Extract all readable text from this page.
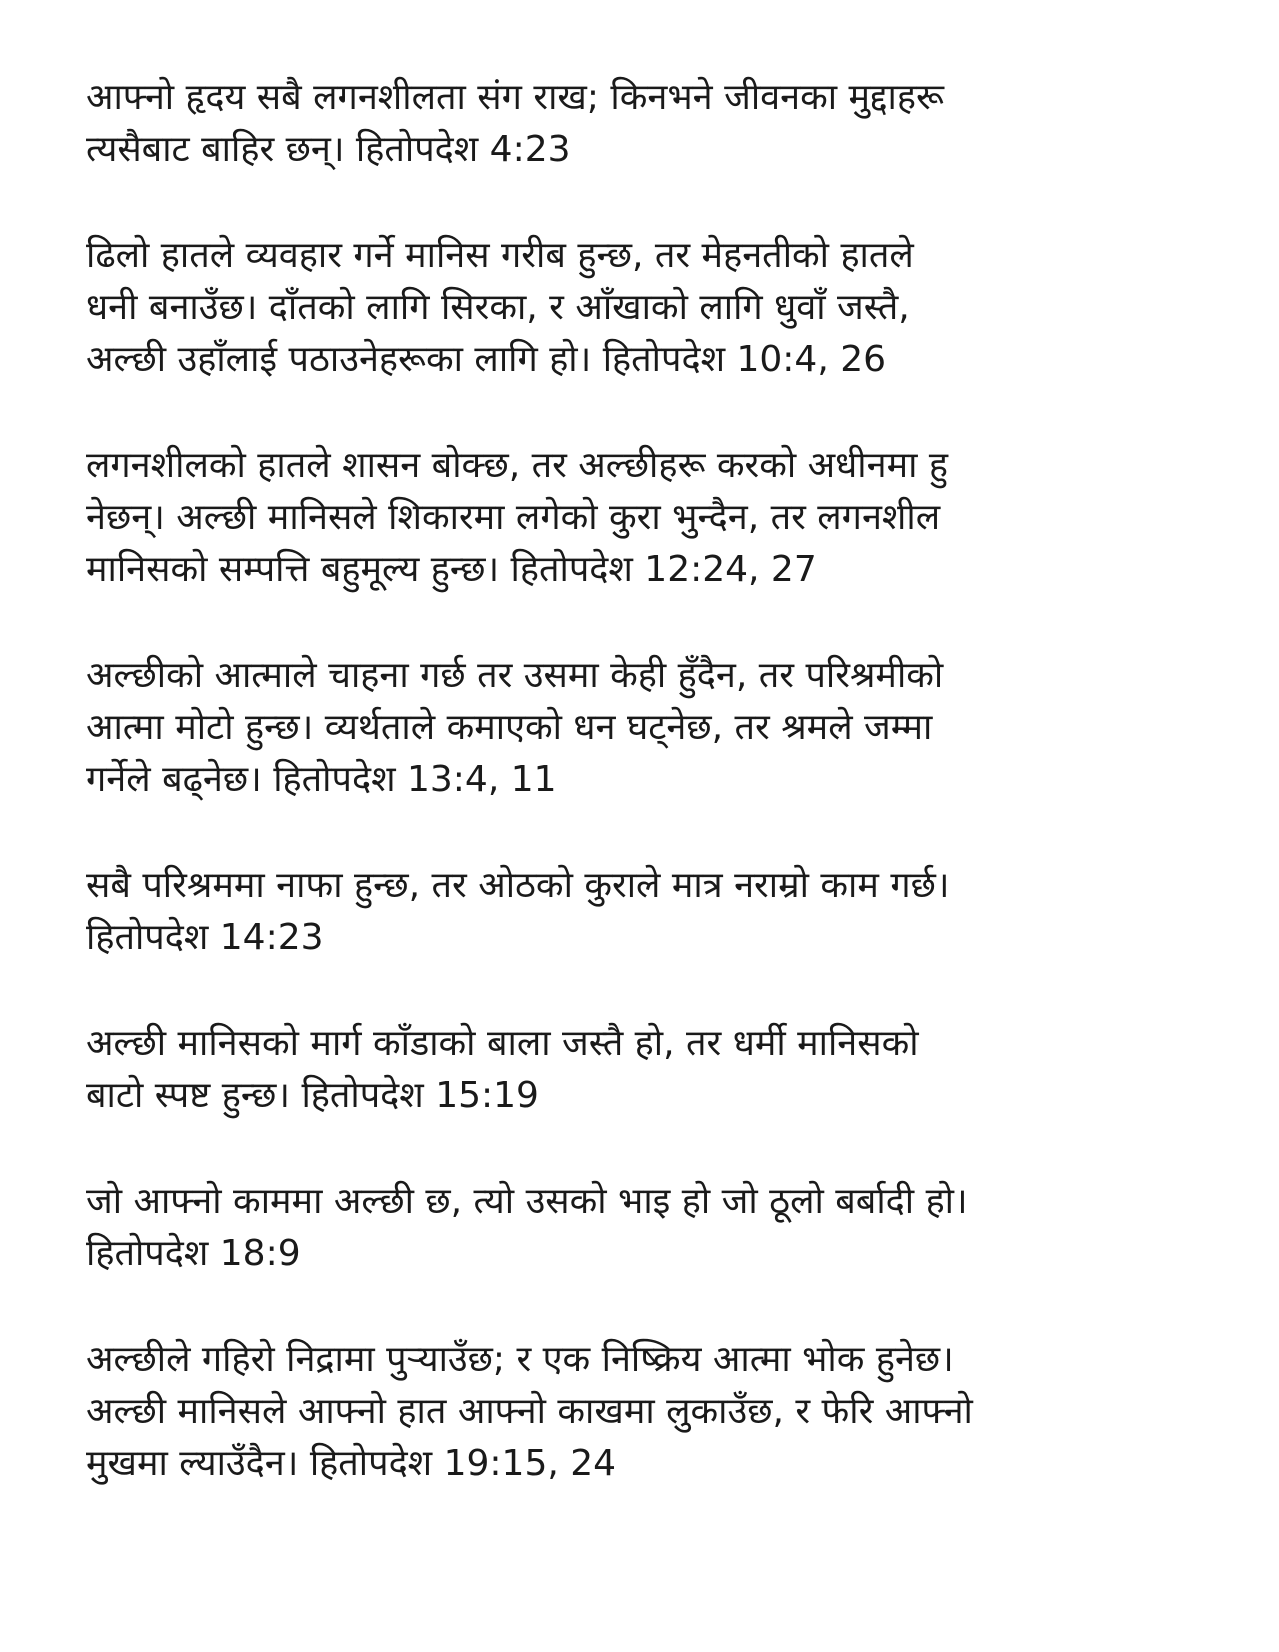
आफ्नो हृदय सबै लगनशीलता संग राख; किनभने जीवनका मुद्दाहरू
त्यसैबाट बाहिर छन्। हितोपदेश 4:23

ढिलो हातले व्यवहार गर्ने मानिस गरीब हुन्छ, तर मेहनतीको हातले
धनी बनाउँछ। दाँतको लागि सिरका, र आँखाको लागि धुवाँ जस्तै,
अल्छी उहाँलाई पठाउनेहरूका लागि हो। हितोपदेश 10:4, 26

लगनशीलको हातले शासन बोक्छ, तर अल्छीहरू करको अधीनमा हु
नेछन्। अल्छी मानिसले शिकारमा लगेको कुरा भुन्दैन, तर लगनशील
मानिसको सम्पत्ति बहुमूल्य हुन्छ। हितोपदेश 12:24, 27

अल्छीको आत्माले चाहना गर्छ तर उसमा केही हुँदैन, तर परिश्रमीको
आत्मा मोटो हुन्छ। व्यर्थताले कमाएको धन घट्नेछ, तर श्रमले जम्मा
गर्नेले बढ्नेछ। हितोपदेश 13:4, 11

सबै परिश्रममा नाफा हुन्छ, तर ओठको कुराले मात्र नराम्रो काम गर्छ।
हितोपदेश 14:23

अल्छी मानिसको मार्ग काँडाको बाला जस्तै हो, तर धर्मी मानिसको
बाटो स्पष्ट हुन्छ। हितोपदेश 15:19

जो आफ्नो काममा अल्छी छ, त्यो उसको भाइ हो जो ठूलो बर्बादी हो।
हितोपदेश 18:9

अल्छीले गहिरो निद्रामा पुर्‍याउँछ; र एक निष्क्रिय आत्मा भोक हुनेछ।
अल्छी मानिसले आफ्नो हात आफ्नो काखमा लुकाउँछ, र फेरि आफ्नो
मुखमा ल्याउँदैन। हितोपदेश 19:15, 24
